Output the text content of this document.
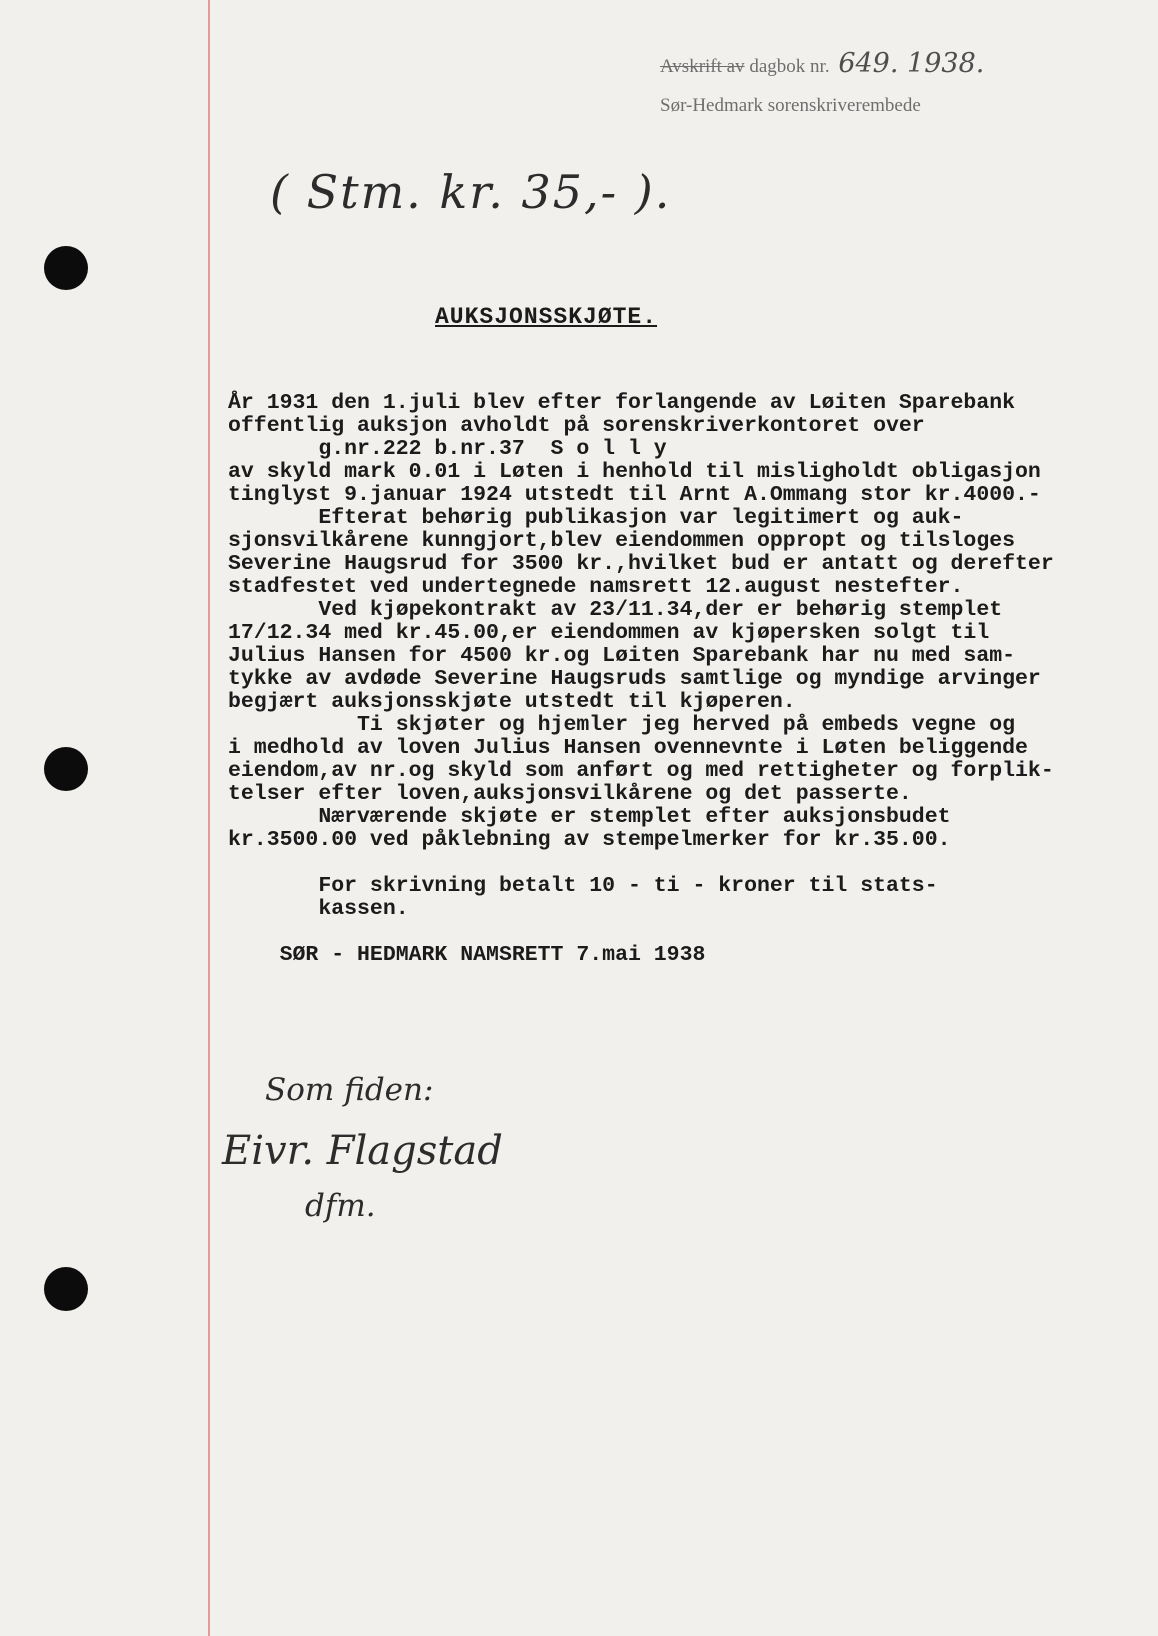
Avskrift av dagbok nr. 649. 1938.
Sør-Hedmark sorenskriverembede
( Stm. kr. 35,- ).
AUKSJONSSKJØTE.
År 1931 den 1.juli blev efter forlangende av Løiten Sparebank
offentlig auksjon avholdt på sorenskriverkontoret over
g.nr.222 b.nr.37  S o l l y
av skyld mark 0.01 i Løten i henhold til misligholdt obligasjon
tinglyst 9.januar 1924 utstedt til Arnt A.Ommang stor kr.4000.-
Efterat behørig publikasjon var legitimert og auk-
sjonsvilkårene kunngjort,blev eiendommen oppropt og tilsloges
Severine Haugsrud for 3500 kr.,hvilket bud er antatt og derefter
stadfestet ved undertegnede namsrett 12.august nestefter.
Ved kjøpekontrakt av 23/11.34,der er behørig stemplet
17/12.34 med kr.45.00,er eiendommen av kjøpersken solgt til
Julius Hansen for 4500 kr.og Løiten Sparebank har nu med sam-
tykke av avdøde Severine Haugsruds samtlige og myndige arvinger
begjært auksjonsskjøte utstedt til kjøperen.
Ti skjøter og hjemler jeg herved på embeds vegne og
i medhold av loven Julius Hansen ovennevnte i Løten beliggende
eiendom,av nr.og skyld som anført og med rettigheter og forplik-
telser efter loven,auksjonsvilkårene og det passerte.
Nærværende skjøte er stemplet efter auksjonsbudet
kr.3500.00 ved påklebning av stempelmerker for kr.35.00.
For skrivning betalt 10 - ti - kroner til stats-
kassen.
SØR - HEDMARK NAMSRETT 7.mai 1938
Som fiden:
Eivr. Flagstad
dfm.
